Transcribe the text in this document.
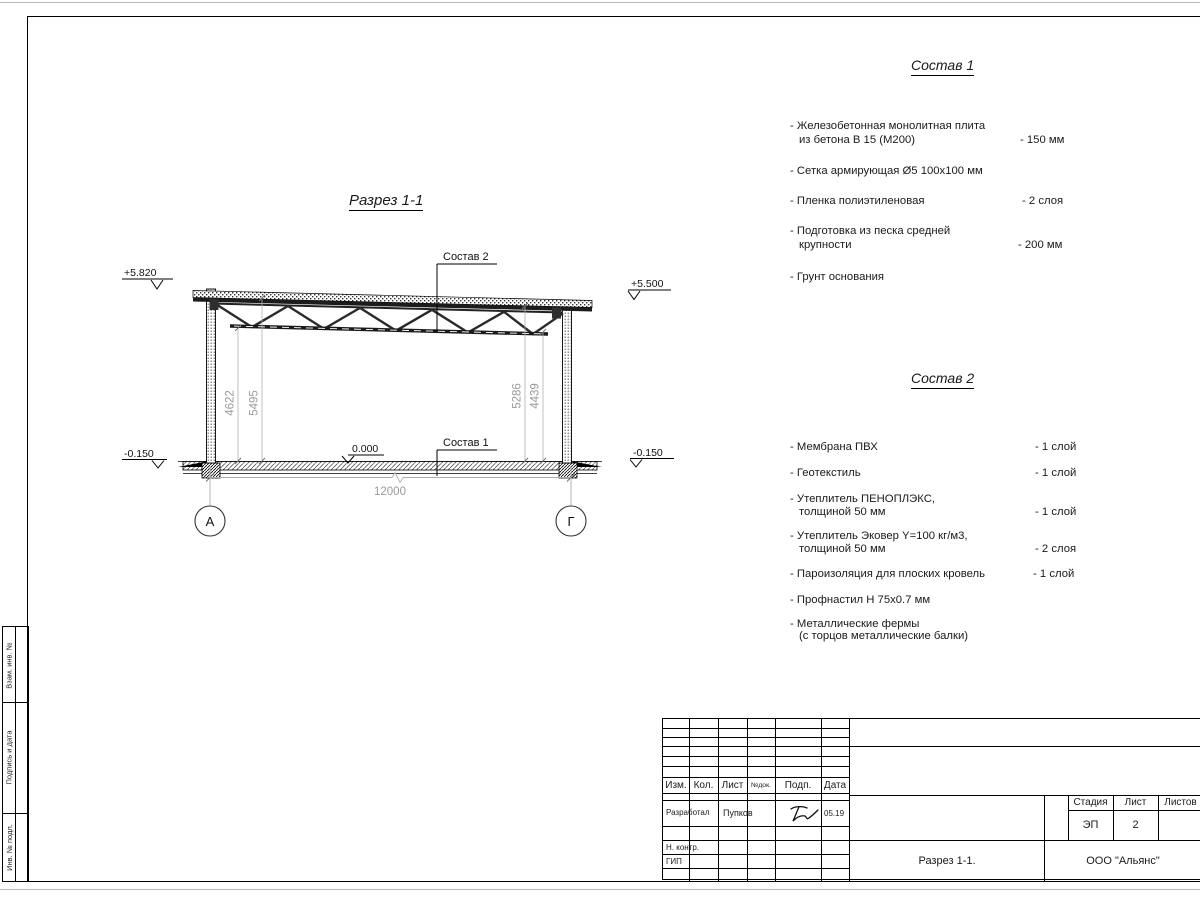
Взам. инв. №
Подпись и дата
Инв. № подл.
А	Г
4622 5495	5286 4439
12000
+5.820
+5.500
-0.150	-0.150
0.000
Состав 2
Состав 1
Разрез 1-1
Состав 1
- Железобетонная монолитная плита
из бетона В 15 (М200)	- 150 мм
- Сетка армирующая Ø5 100х100 мм
- Пленка полиэтиленовая	- 2 слоя
- Подготовка из песка средней
крупности	- 200 мм
- Грунт основания
Состав 2
- Мембрана ПВХ	- 1 слой
- Геотекстиль	- 1 слой
- Утеплитель ПЕНОПЛЭКС,
толщиной 50 мм	- 1 слой
- Утеплитель Эковер Y=100 кг/м3,
толщиной 50 мм	- 2 слоя
- Пароизоляция для плоских кровель	- 1 слой
- Профнастил Н 75х0.7 мм
- Металлические фермы
(с торцов металлические балки)
Изм. Кол. Лист	№док.	Подп.	Дата
Разработал Пупков	05.19
Н. контр.
ГИП
Стадия	Лист	Листов
ЭП	2
Разрез 1-1.	ООО "Альянс"
